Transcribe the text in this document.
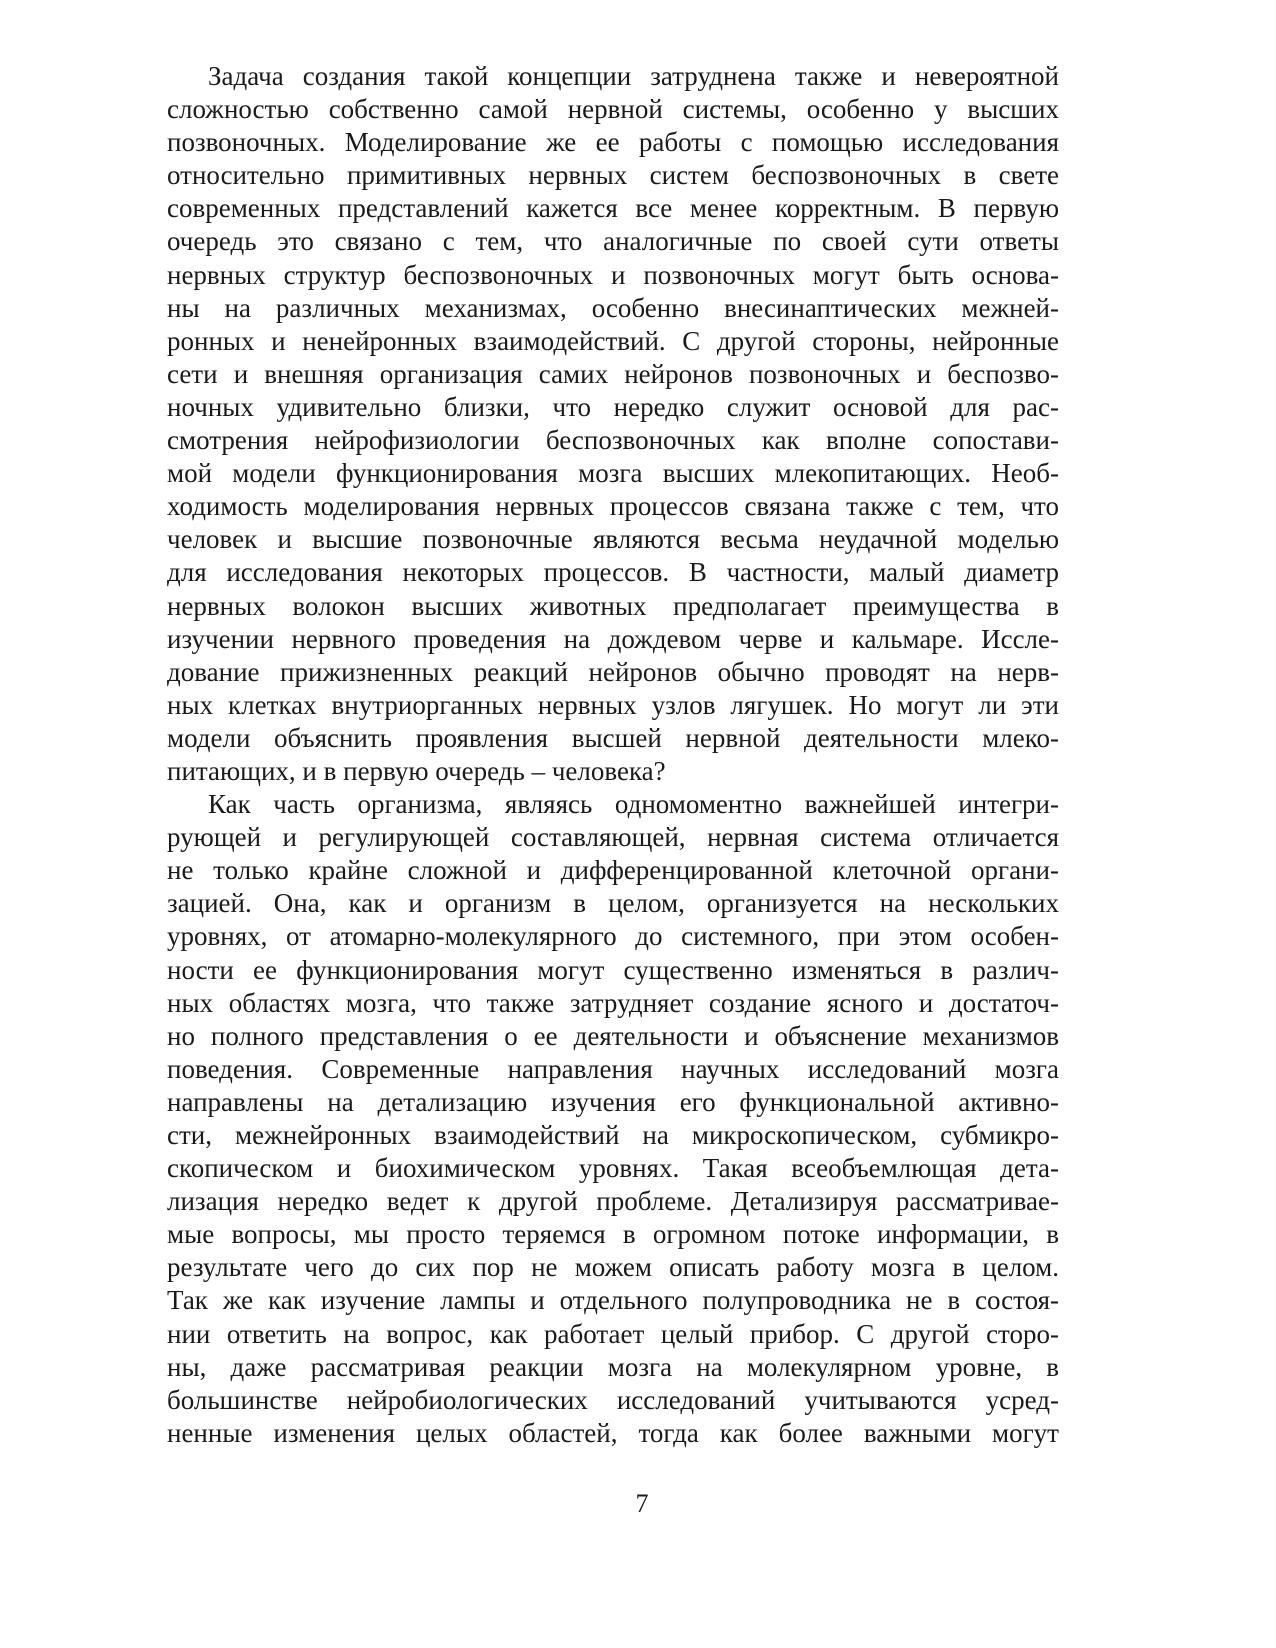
Задача создания такой концепции затруднена также и невероятной
сложностью собственно самой нервной системы, особенно у высших
позвоночных. Моделирование же ее работы с помощью исследования
относительно примитивных нервных систем беспозвоночных в свете
современных представлений кажется все менее корректным. В первую
очередь это связано с тем, что аналогичные по своей сути ответы
нервных структур беспозвоночных и позвоночных могут быть основа-
ны на различных механизмах, особенно внесинаптических межней-
ронных и ненейронных взаимодействий. С другой стороны, нейронные
сети и внешняя организация самих нейронов позвоночных и беспозво-
ночных удивительно близки, что нередко служит основой для рас-
смотрения нейрофизиологии беспозвоночных как вполне сопостави-
мой модели функционирования мозга высших млекопитающих. Необ-
ходимость моделирования нервных процессов связана также с тем, что
человек и высшие позвоночные являются весьма неудачной моделью
для исследования некоторых процессов. В частности, малый диаметр
нервных волокон высших животных предполагает преимущества в
изучении нервного проведения на дождевом черве и кальмаре. Иссле-
дование прижизненных реакций нейронов обычно проводят на нерв-
ных клетках внутриорганных нервных узлов лягушек. Но могут ли эти
модели объяснить проявления высшей нервной деятельности млеко-
питающих, и в первую очередь – человека?
Как часть организма, являясь одномоментно важнейшей интегри-
рующей и регулирующей составляющей, нервная система отличается
не только крайне сложной и дифференцированной клеточной органи-
зацией. Она, как и организм в целом, организуется на нескольких
уровнях, от атомарно-молекулярного до системного, при этом особен-
ности ее функционирования могут существенно изменяться в различ-
ных областях мозга, что также затрудняет создание ясного и достаточ-
но полного представления о ее деятельности и объяснение механизмов
поведения. Современные направления научных исследований мозга
направлены на детализацию изучения его функциональной активно-
сти, межнейронных взаимодействий на микроскопическом, субмикро-
скопическом и биохимическом уровнях. Такая всеобъемлющая дета-
лизация нередко ведет к другой проблеме. Детализируя рассматривае-
мые вопросы, мы просто теряемся в огромном потоке информации, в
результате чего до сих пор не можем описать работу мозга в целом.
Так же как изучение лампы и отдельного полупроводника не в состоя-
нии ответить на вопрос, как работает целый прибор. С другой сторо-
ны, даже рассматривая реакции мозга на молекулярном уровне, в
большинстве нейробиологических исследований учитываются усред-
ненные изменения целых областей, тогда как более важными могут
7
